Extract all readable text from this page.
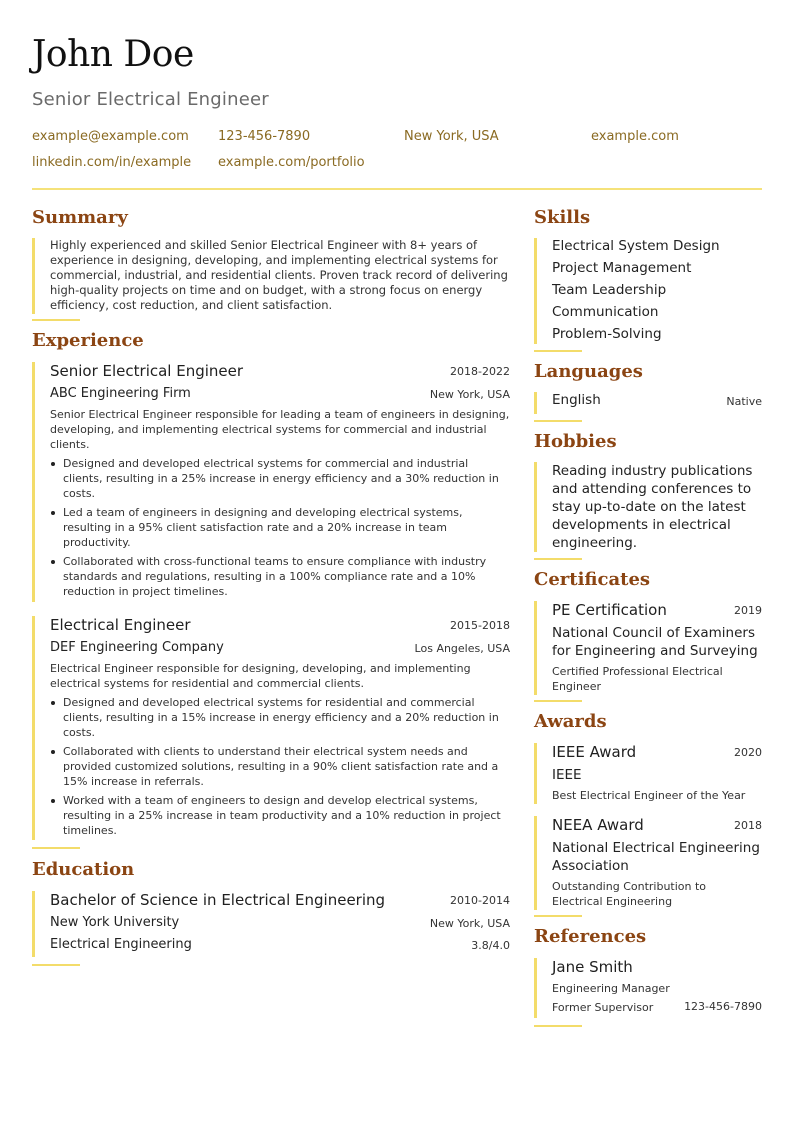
John Doe
Senior Electrical Engineer
example@example.com 123-456-7890	New York, USA	example.com
linkedin.com/in/example example.com/portfolio
Summary

Highly experienced and skilled Senior Electrical Engineer with 8+ years of experience in designing, developing, and implementing electrical systems for commercial, industrial, and residential clients. Proven track record of delivering high-quality projects on time and on budget, with a strong focus on energy efficiency, cost reduction, and client satisfaction.

Experience
Senior Electrical Engineer	2018-2022
ABC Engineering Firm	New York, USA

Senior Electrical Engineer responsible for leading a team of engineers in designing, developing, and implementing electrical systems for commercial and industrial clients.

Designed and developed electrical systems for commercial and industrial clients, resulting in a 25% increase in energy efficiency and a 30% reduction in costs.
Led a team of engineers in designing and developing electrical systems, resulting in a 95% client satisfaction rate and a 20% increase in team productivity.
Collaborated with cross-functional teams to ensure compliance with industry standards and regulations, resulting in a 100% compliance rate and a 10% reduction in project timelines.
Electrical Engineer	2015-2018
DEF Engineering Company	Los Angeles, USA

Electrical Engineer responsible for designing, developing, and implementing electrical systems for residential and commercial clients.

Designed and developed electrical systems for residential and commercial clients, resulting in a 15% increase in energy efficiency and a 20% reduction in costs.
Collaborated with clients to understand their electrical system needs and provided customized solutions, resulting in a 90% client satisfaction rate and a 15% increase in referrals.
Worked with a team of engineers to design and develop electrical systems, resulting in a 25% increase in team productivity and a 10% reduction in project timelines.
Education
Bachelor of Science in Electrical Engineering	2010-2014
New York University	New York, USA
Electrical Engineering	3.8/4.0
Skills
Electrical System Design
Project Management
Team Leadership
Communication
Problem-Solving
Languages
English	Native
Hobbies

Reading industry publications and attending conferences to stay up-to-date on the latest developments in electrical engineering.

Certificates
PE Certification	2019
National Council of Examiners for Engineering and Surveying
Certified Professional Electrical Engineer
Awards
IEEE Award	2020
IEEE
Best Electrical Engineer of the Year
NEEA Award	2018
National Electrical Engineering Association
Outstanding Contribution to Electrical Engineering
References
Jane Smith
Engineering Manager
Former Supervisor	123-456-7890
